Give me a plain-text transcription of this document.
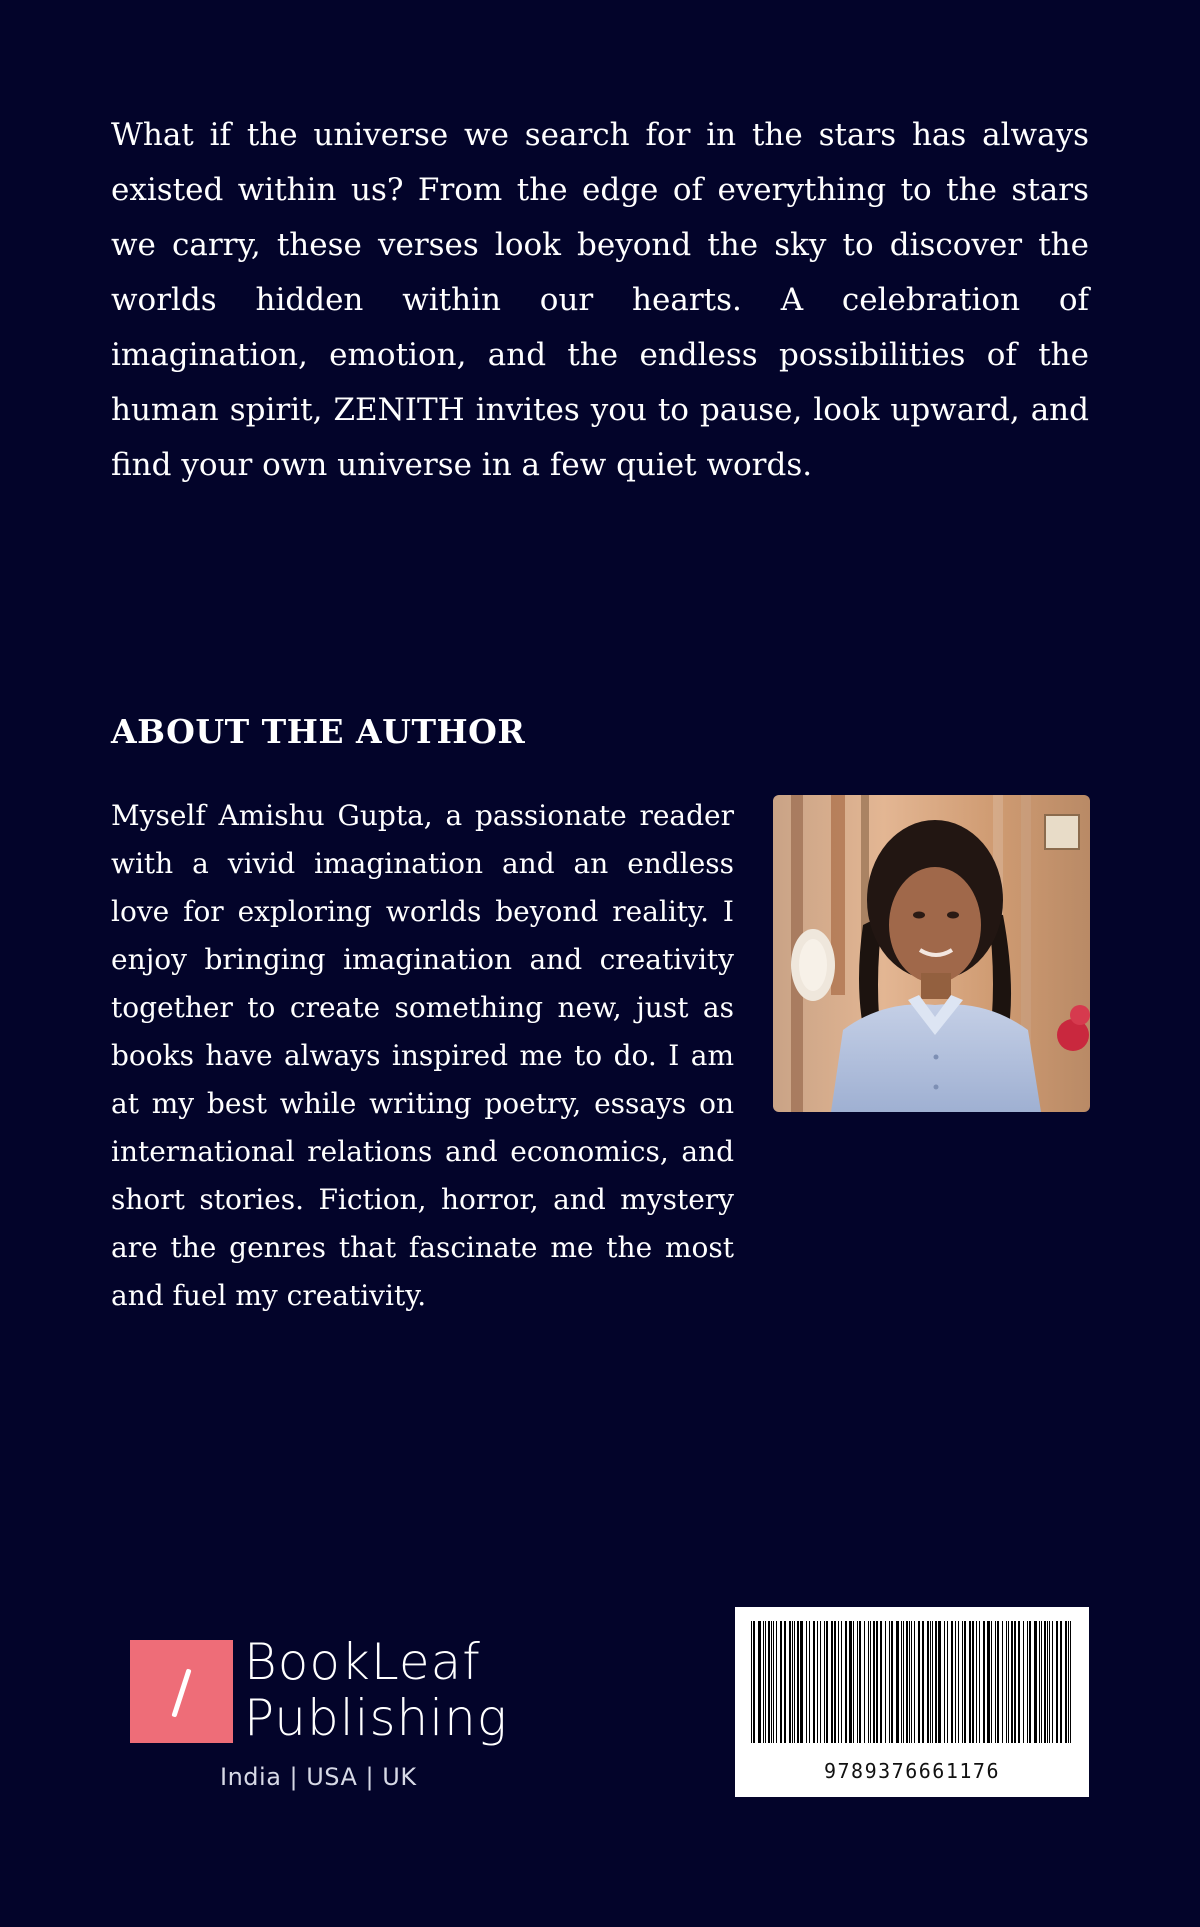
What if the universe we search for in the stars has always existed within us? From the edge of everything to the stars we carry, these verses look beyond the sky to discover the worlds hidden within our hearts. A celebration of imagination, emotion, and the endless possibilities of the human spirit, ZENITH invites you to pause, look upward, and find your own universe in a few quiet words.

ABOUT THE AUTHOR

Myself Amishu Gupta, a passionate reader with a vivid imagination and an endless love for exploring worlds beyond reality. I enjoy bringing imagination and creativity together to create something new, just as books have always inspired me to do. I am at my best while writing poetry, essays on international relations and economics, and short stories. Fiction, horror, and mystery are the genres that fascinate me the most and fuel my creativity.

BookLeaf
Publishing
India | USA | UK	9789376661176
